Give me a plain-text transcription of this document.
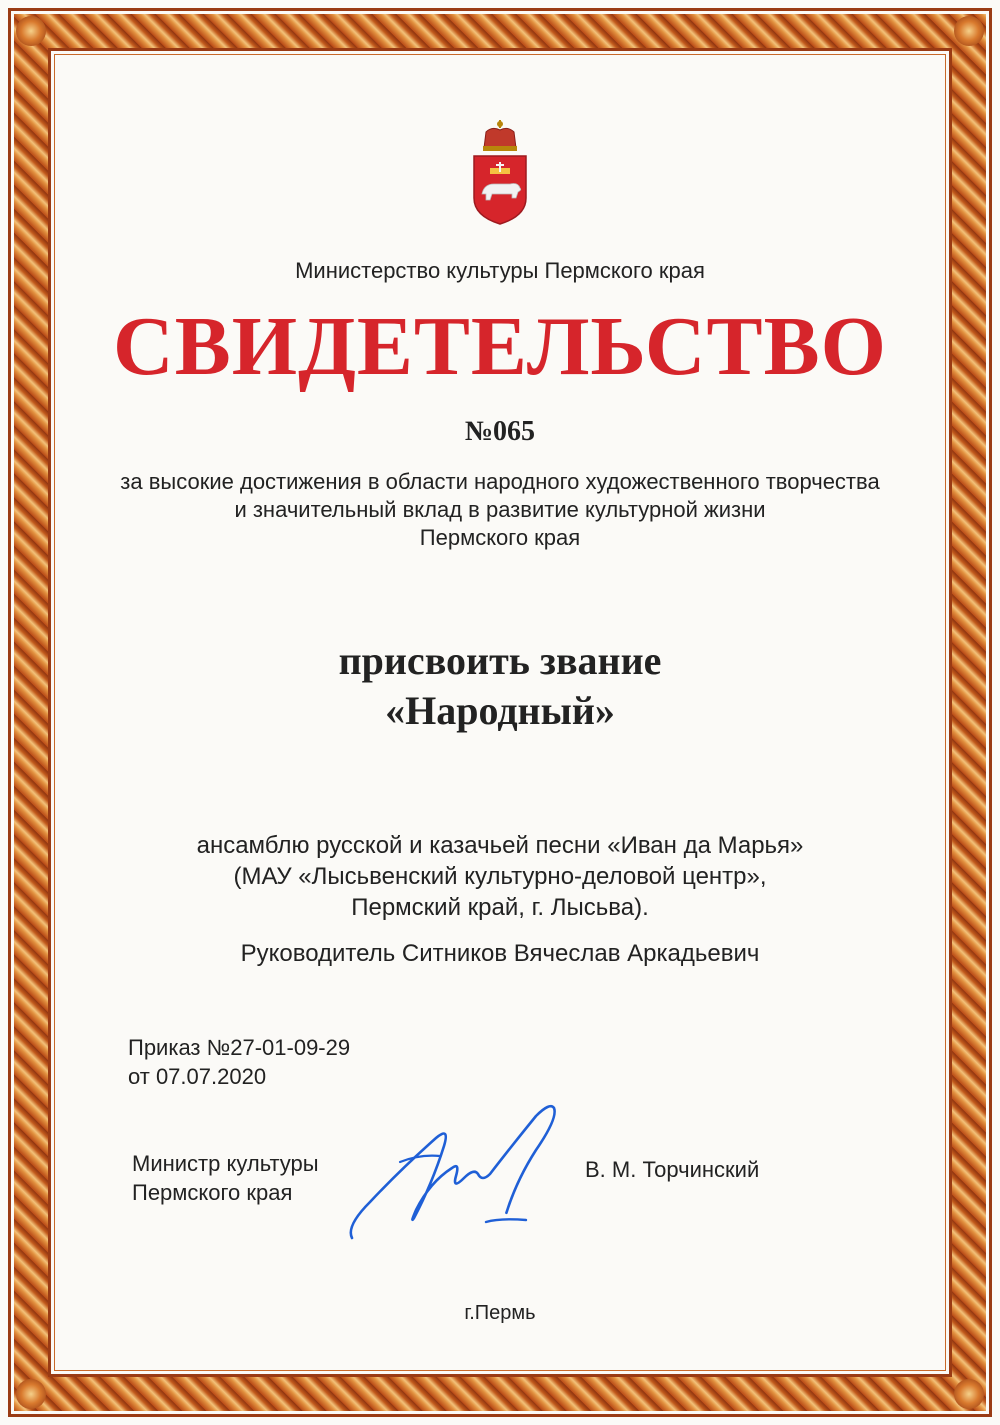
Министерство культуры Пермского края
СВИДЕТЕЛЬСТВО
№065
за высокие достижения в области народного художественного творчества
и значительный вклад в развитие культурной жизни
Пермского края
присвоить звание
«Народный»
ансамблю русской и казачьей песни «Иван да Марья»
(МАУ «Лысьвенский культурно-деловой центр»,
Пермский край, г. Лысьва).
Руководитель Ситников Вячеслав Аркадьевич
Приказ №27-01-09-29
от 07.07.2020
Министр культуры
Пермского края
В. М. Торчинский
г.Пермь
